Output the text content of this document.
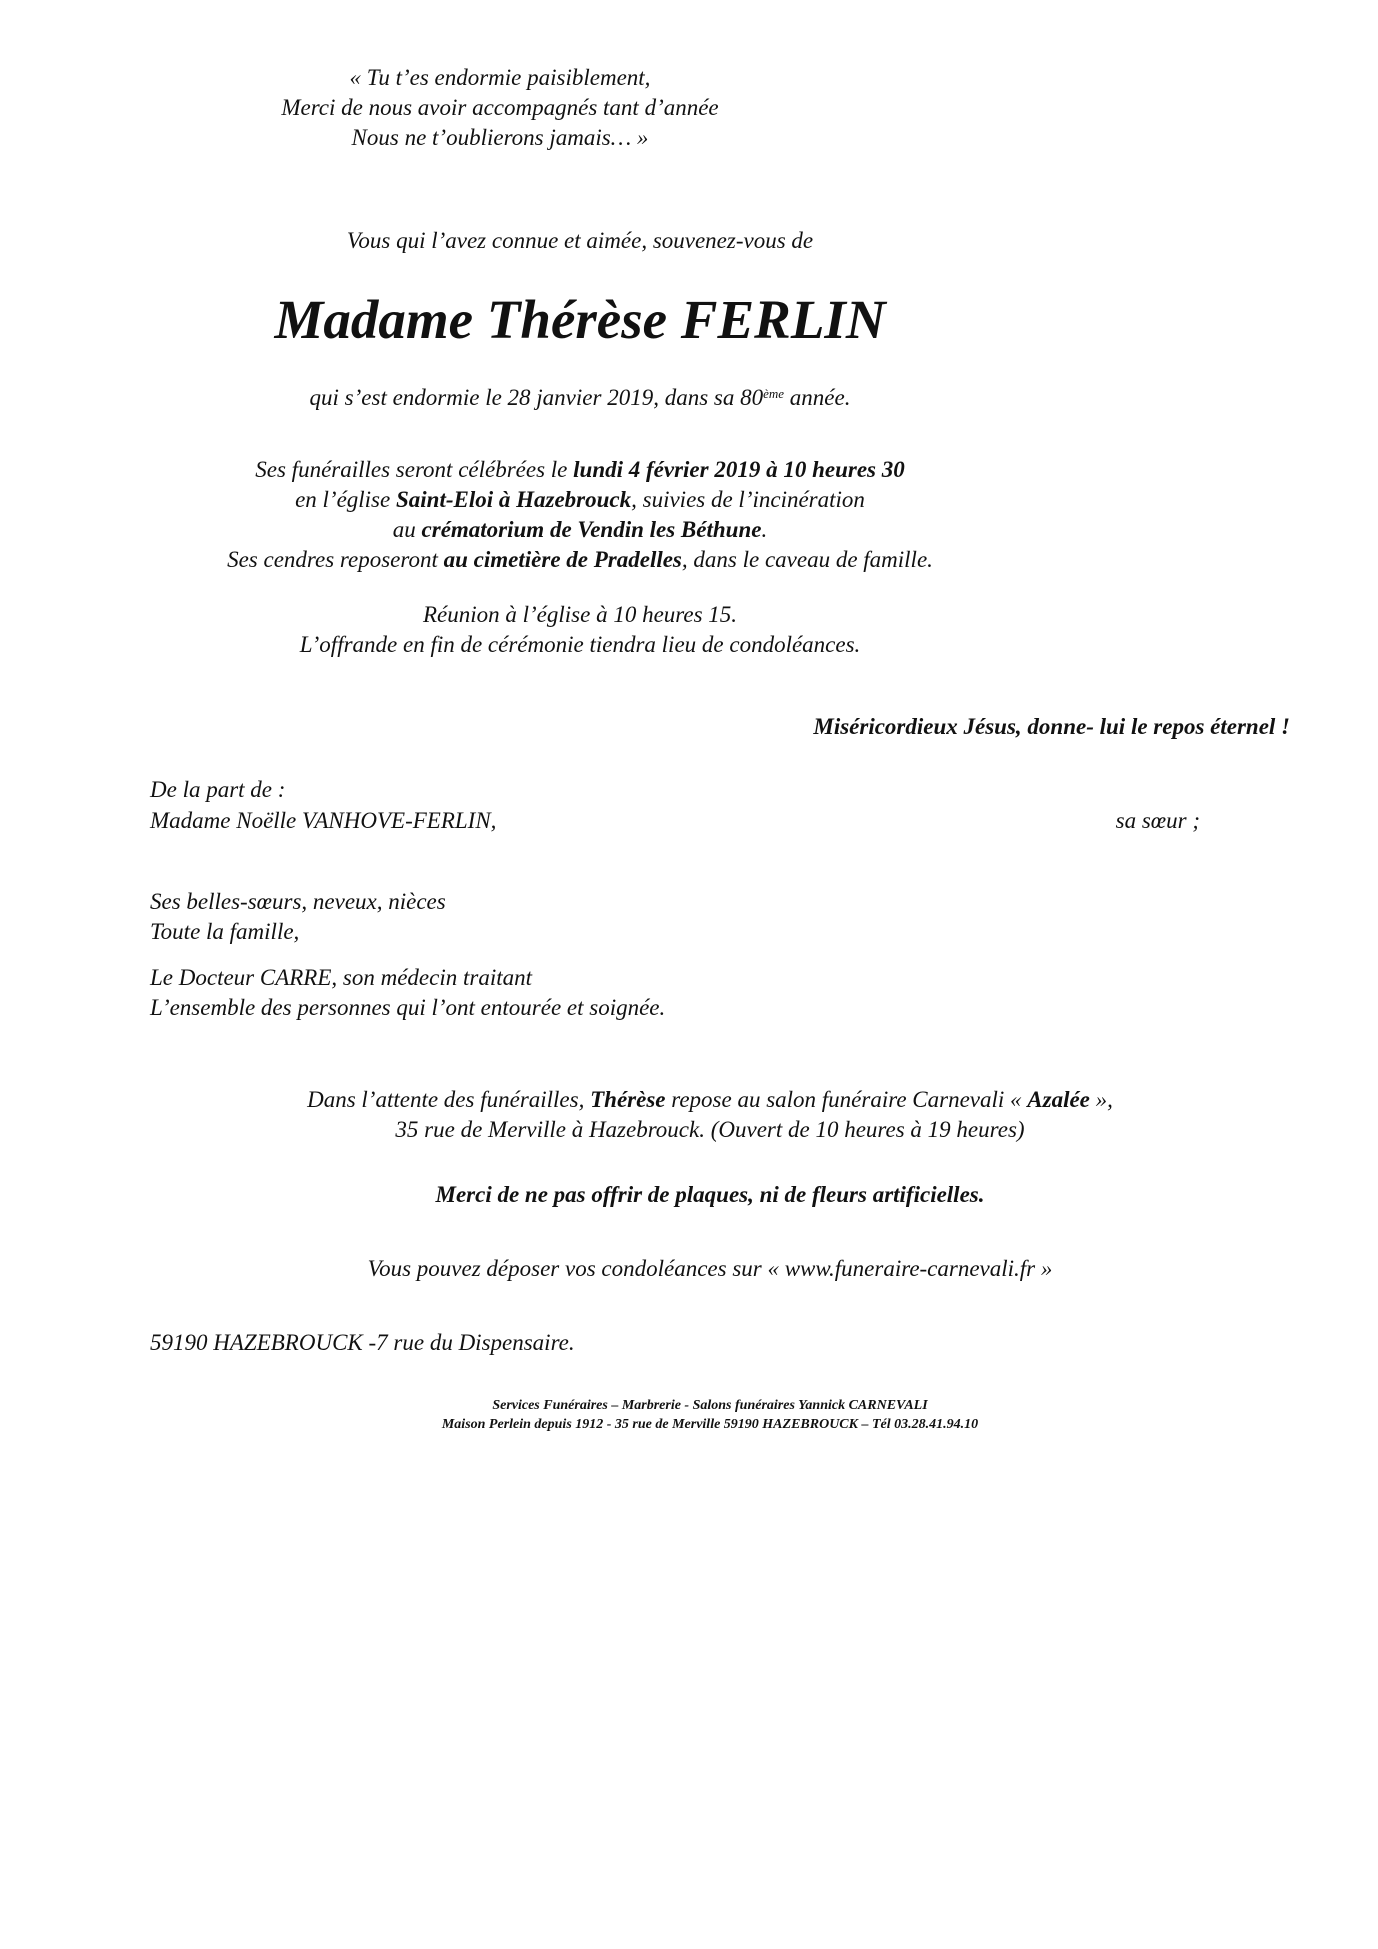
« Tu t’es endormie paisiblement,
Merci de nous avoir accompagnés tant d’année
Nous ne t’oublierons jamais… »
Vous qui l’avez connue et aimée, souvenez-vous de
Madame Thérèse FERLIN
qui s’est endormie le 28 janvier 2019, dans sa 80ème année.
Ses funérailles seront célébrées le lundi 4 février 2019 à 10 heures 30
en l’église Saint-Eloi à Hazebrouck, suivies de l’incinération
au crématorium de Vendin les Béthune.
Ses cendres reposeront au cimetière de Pradelles, dans le caveau de famille.
Réunion à l’église à 10 heures 15.
L’offrande en fin de cérémonie tiendra lieu de condoléances.
Miséricordieux Jésus, donne- lui le repos éternel !
De la part de :
Madame Noëlle VANHOVE-FERLIN,	sa sœur ;
Ses belles-sœurs, neveux, nièces
Toute la famille,
Le Docteur CARRE, son médecin traitant
L’ensemble des personnes qui l’ont entourée et soignée.
Dans l’attente des funérailles, Thérèse repose au salon funéraire Carnevali « Azalée »,
35 rue de Merville à Hazebrouck. (Ouvert de 10 heures à 19 heures)
Merci de ne pas offrir de plaques, ni de fleurs artificielles.
Vous pouvez déposer vos condoléances sur « www.funeraire-carnevali.fr »
59190 HAZEBROUCK -7 rue du Dispensaire.
Services Funéraires – Marbrerie - Salons funéraires Yannick CARNEVALI
Maison Perlein depuis 1912 - 35 rue de Merville 59190 HAZEBROUCK – Tél 03.28.41.94.10
